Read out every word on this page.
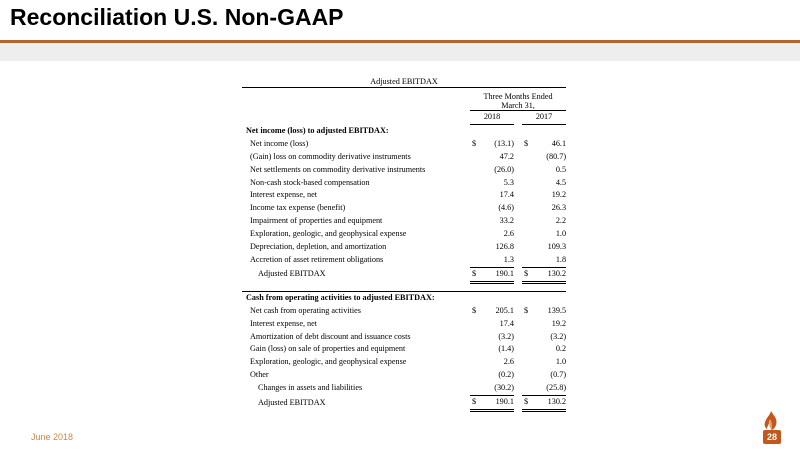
Reconciliation U.S. Non-GAAP
Adjusted EBITDAX					

	Three Months Ended
March 31,				

	2018			2017	
Net income (loss) to adjusted EBITDAX:					
Net income (loss)	$	(13.1)		$	46.1
(Gain) loss on commodity derivative instruments		47.2			(80.7)
Net settlements on commodity derivative instruments		(26.0)			0.5
Non-cash stock-based compensation		5.3			4.5
Interest expense, net		17.4			19.2
Income tax expense (benefit)		(4.6)			26.3
Impairment of properties and equipment		33.2			2.2
Exploration, geologic, and geophysical expense		2.6			1.0
Depreciation, depletion, and amortization		126.8			109.3
Accretion of asset retirement obligations		1.3			1.8
Adjusted EBITDAX	$	190.1		$	130.2

Cash from operating activities to adjusted EBITDAX:					
Net cash from operating activities	$	205.1		$	139.5
Interest expense, net		17.4			19.2
Amortization of debt discount and issuance costs		(3.2)			(3.2)
Gain (loss) on sale of properties and equipment		(1.4)			0.2
Exploration, geologic, and geophysical expense		2.6			1.0
Other		(0.2)			(0.7)
Changes in assets and liabilities		(30.2)			(25.8)
Adjusted EBITDAX	$	190.1		$	130.2
June 2018	28
